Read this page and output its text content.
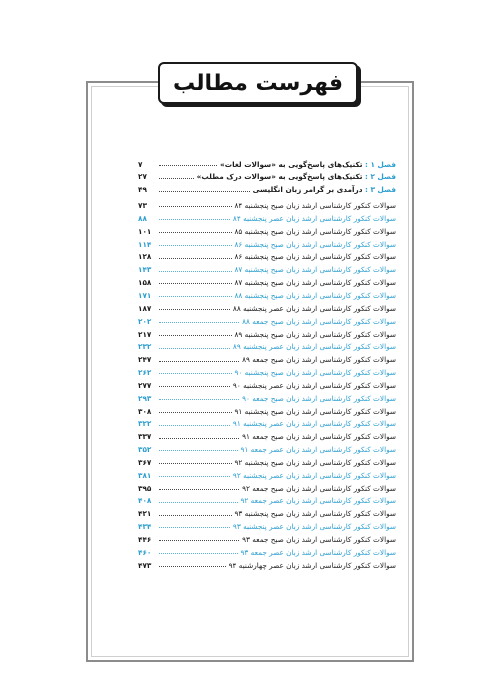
فهرست مطالب
فصل ۱ : تکنیک‌های پاسخ‌گویی به «سوالات لغات»
۷
فصل ۲ : تکنیک‌های پاسخ‌گویی به «سوالات درک مطلب»
۲۷
فصل ۳ : درآمدی بر گرامر زبان انگلیسی
۴۹
سوالات کنکور کارشناسی ارشد زبان صبح پنجشنبه ۸۴
۷۳
سوالات کنکور کارشناسی ارشد زبان عصر پنجشنبه ۸۴
۸۸
سوالات کنکور کارشناسی ارشد زبان صبح پنجشنبه ۸۵
۱۰۱
سوالات کنکور کارشناسی ارشد زبان صبح پنجشنبه ۸۶
۱۱۴
سوالات کنکور کارشناسی ارشد زبان صبح پنجشنبه ۸۶
۱۲۸
سوالات کنکور کارشناسی ارشد زبان صبح پنجشنبه ۸۷
۱۴۳
سوالات کنکور کارشناسی ارشد زبان صبح پنجشنبه ۸۷
۱۵۸
سوالات کنکور کارشناسی ارشد زبان صبح پنجشنبه ۸۸
۱۷۱
سوالات کنکور کارشناسی ارشد زبان عصر پنجشنبه ۸۸
۱۸۷
سوالات کنکور کارشناسی ارشد زبان صبح جمعه ۸۸
۲۰۲
سوالات کنکور کارشناسی ارشد زبان صبح پنجشنبه ۸۹
۲۱۷
سوالات کنکور کارشناسی ارشد زبان عصر پنجشنبه ۸۹
۲۳۲
سوالات کنکور کارشناسی ارشد زبان صبح جمعه ۸۹
۲۴۷
سوالات کنکور کارشناسی ارشد زبان صبح پنجشنبه ۹۰
۲۶۲
سوالات کنکور کارشناسی ارشد زبان عصر پنجشنبه ۹۰
۲۷۷
سوالات کنکور کارشناسی ارشد زبان صبح جمعه ۹۰
۲۹۳
سوالات کنکور کارشناسی ارشد زبان صبح پنجشنبه ۹۱
۳۰۸
سوالات کنکور کارشناسی ارشد زبان عصر پنجشنبه ۹۱
۳۲۲
سوالات کنکور کارشناسی ارشد زبان صبح جمعه ۹۱
۳۳۷
سوالات کنکور کارشناسی ارشد زبان عصر جمعه ۹۱
۳۵۲
سوالات کنکور کارشناسی ارشد زبان صبح پنجشنبه ۹۲
۳۶۷
سوالات کنکور کارشناسی ارشد زبان عصر پنجشنبه ۹۲
۳۸۱
سوالات کنکور کارشناسی ارشد زبان صبح جمعه ۹۲
۳۹۵
سوالات کنکور کارشناسی ارشد زبان عصر جمعه ۹۲
۴۰۸
سوالات کنکور کارشناسی ارشد زبان صبح پنجشنبه ۹۳
۴۲۱
سوالات کنکور کارشناسی ارشد زبان عصر پنجشنبه ۹۳
۴۳۴
سوالات کنکور کارشناسی ارشد زبان صبح جمعه ۹۳
۴۴۶
سوالات کنکور کارشناسی ارشد زبان عصر جمعه ۹۳
۴۶۰
سوالات کنکور کارشناسی ارشد زبان عصر چهارشنبه ۹۴
۴۷۳
